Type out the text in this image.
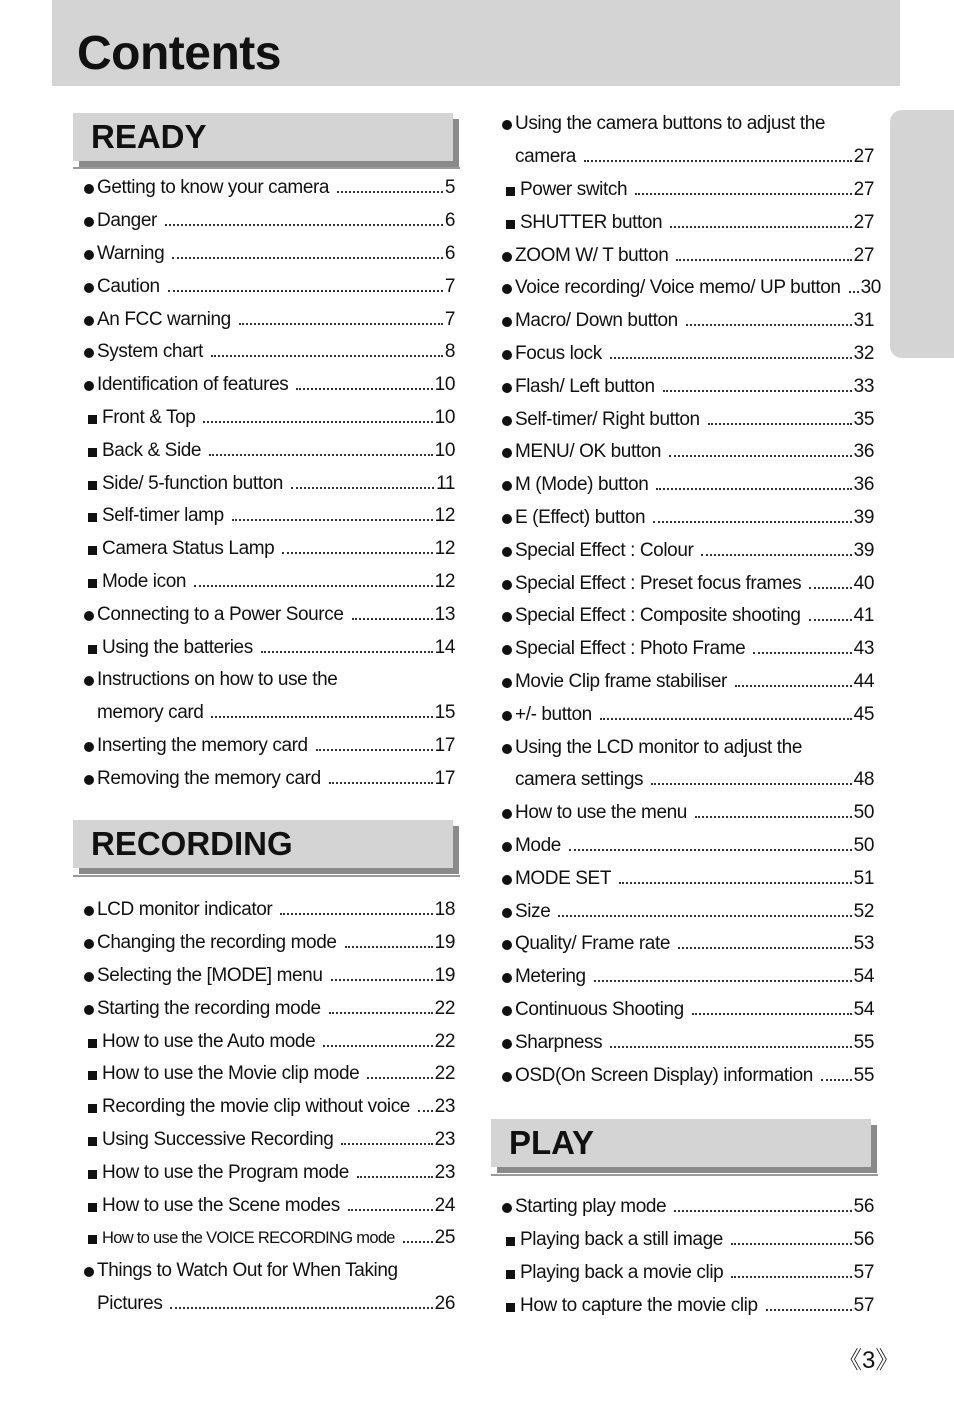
Contents
READY
Getting to know your camera	5
Danger	6
Warning	6
Caution	7
An FCC warning	7
System chart	8
Identification of features	10
Front & Top	10
Back & Side	10
Side/ 5-function button	11
Self-timer lamp	12
Camera Status Lamp	12
Mode icon	12
Connecting to a Power Source	13
Using the batteries	14
Instructions on how to use the
memory card	15
Inserting the memory card	17
Removing the memory card	17
RECORDING
LCD monitor indicator	18
Changing the recording mode	19
Selecting the [MODE] menu	19
Starting the recording mode	22
How to use the Auto mode	22
How to use the Movie clip mode	22
Recording the movie clip without voice 23
Using Successive Recording	23
How to use the Program mode	23
How to use the Scene modes	24
How to use the VOICE RECORDING mode 25
Things to Watch Out for When Taking
Pictures	26
Using the camera buttons to adjust the
camera	27
Power switch	27
SHUTTER button	27
ZOOM W/ T button	27
Voice recording/ Voice memo/ UP button 30
Macro/ Down button	31
Focus lock	32
Flash/ Left button	33
Self-timer/ Right button	35
MENU/ OK button	36
M (Mode) button	36
E (Effect) button	39
Special Effect : Colour	39
Special Effect : Preset focus frames	40
Special Effect : Composite shooting	41
Special Effect : Photo Frame	43
Movie Clip frame stabiliser	44
+/- button	45
Using the LCD monitor to adjust the
camera settings	48
How to use the menu	50
Mode	50
MODE SET	51
Size	52
Quality/ Frame rate	53
Metering	54
Continuous Shooting	54
Sharpness	55
OSD(On Screen Display) information 55
PLAY
Starting play mode	56
Playing back a still image	56
Playing back a movie clip	57
How to capture the movie clip	57
《3》
